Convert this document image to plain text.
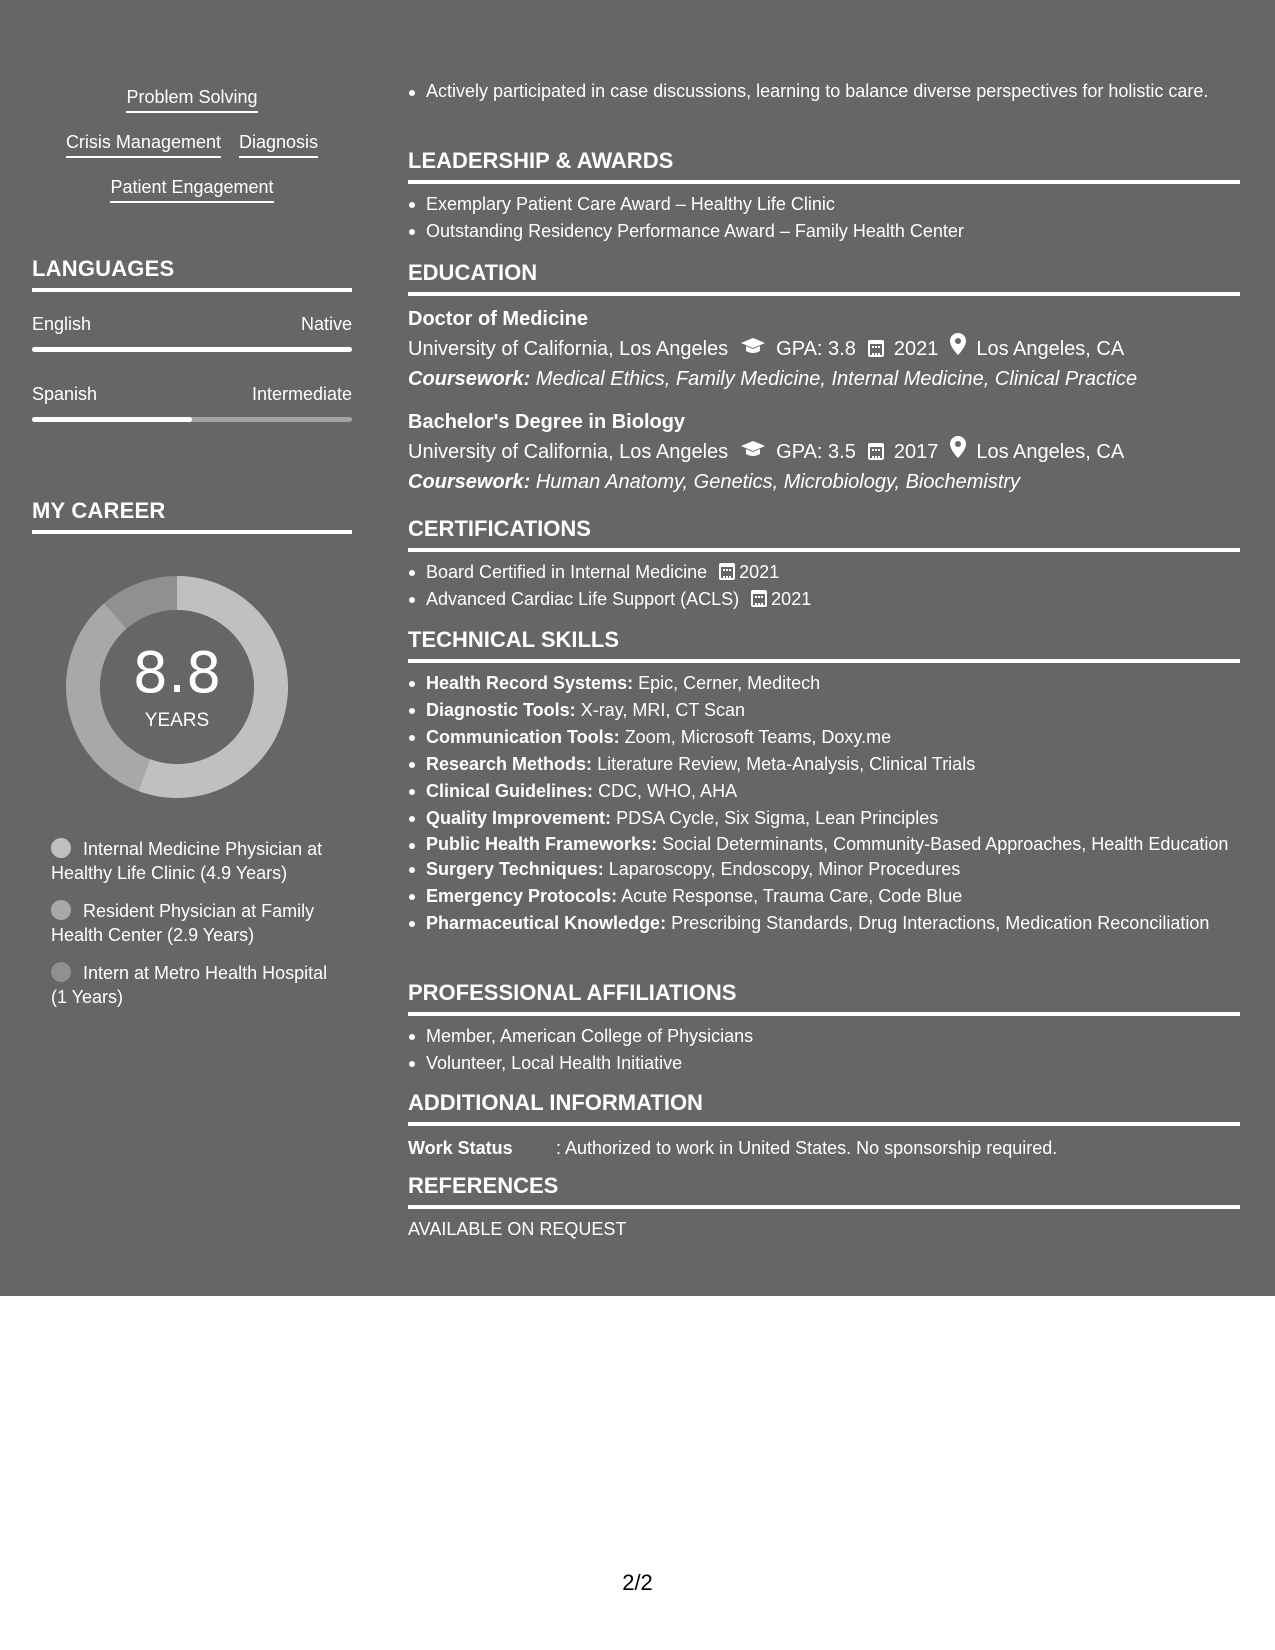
Problem Solving
Crisis Management Diagnosis
Patient Engagement
LANGUAGES
English	Native
Spanish	Intermediate
MY CAREER
8.8
YEARS
Internal Medicine Physician at Healthy Life Clinic (4.9 Years)
Resident Physician at Family Health Center (2.9 Years)
Intern at Metro Health Hospital (1 Years)
Actively participated in case discussions, learning to balance diverse perspectives for holistic care.
LEADERSHIP & AWARDS
Exemplary Patient Care Award – Healthy Life Clinic
Outstanding Residency Performance Award – Family Health Center
EDUCATION
Doctor of Medicine
University of California, Los Angeles GPA: 3.8 2021 Los Angeles, CA
Coursework: Medical Ethics, Family Medicine, Internal Medicine, Clinical Practice
Bachelor's Degree in Biology
University of California, Los Angeles GPA: 3.5 2017 Los Angeles, CA
Coursework: Human Anatomy, Genetics, Microbiology, Biochemistry
CERTIFICATIONS
Board Certified in Internal Medicine 2021
Advanced Cardiac Life Support (ACLS) 2021
TECHNICAL SKILLS
Health Record Systems: Epic, Cerner, Meditech
Diagnostic Tools: X-ray, MRI, CT Scan
Communication Tools: Zoom, Microsoft Teams, Doxy.me
Research Methods: Literature Review, Meta-Analysis, Clinical Trials
Clinical Guidelines: CDC, WHO, AHA
Quality Improvement: PDSA Cycle, Six Sigma, Lean Principles
Public Health Frameworks: Social Determinants, Community-Based Approaches, Health Education
Surgery Techniques: Laparoscopy, Endoscopy, Minor Procedures
Emergency Protocols: Acute Response, Trauma Care, Code Blue
Pharmaceutical Knowledge: Prescribing Standards, Drug Interactions, Medication Reconciliation
PROFESSIONAL AFFILIATIONS
Member, American College of Physicians
Volunteer, Local Health Initiative
ADDITIONAL INFORMATION
Work Status	: Authorized to work in United States. No sponsorship required.
REFERENCES
AVAILABLE ON REQUEST
2/2
